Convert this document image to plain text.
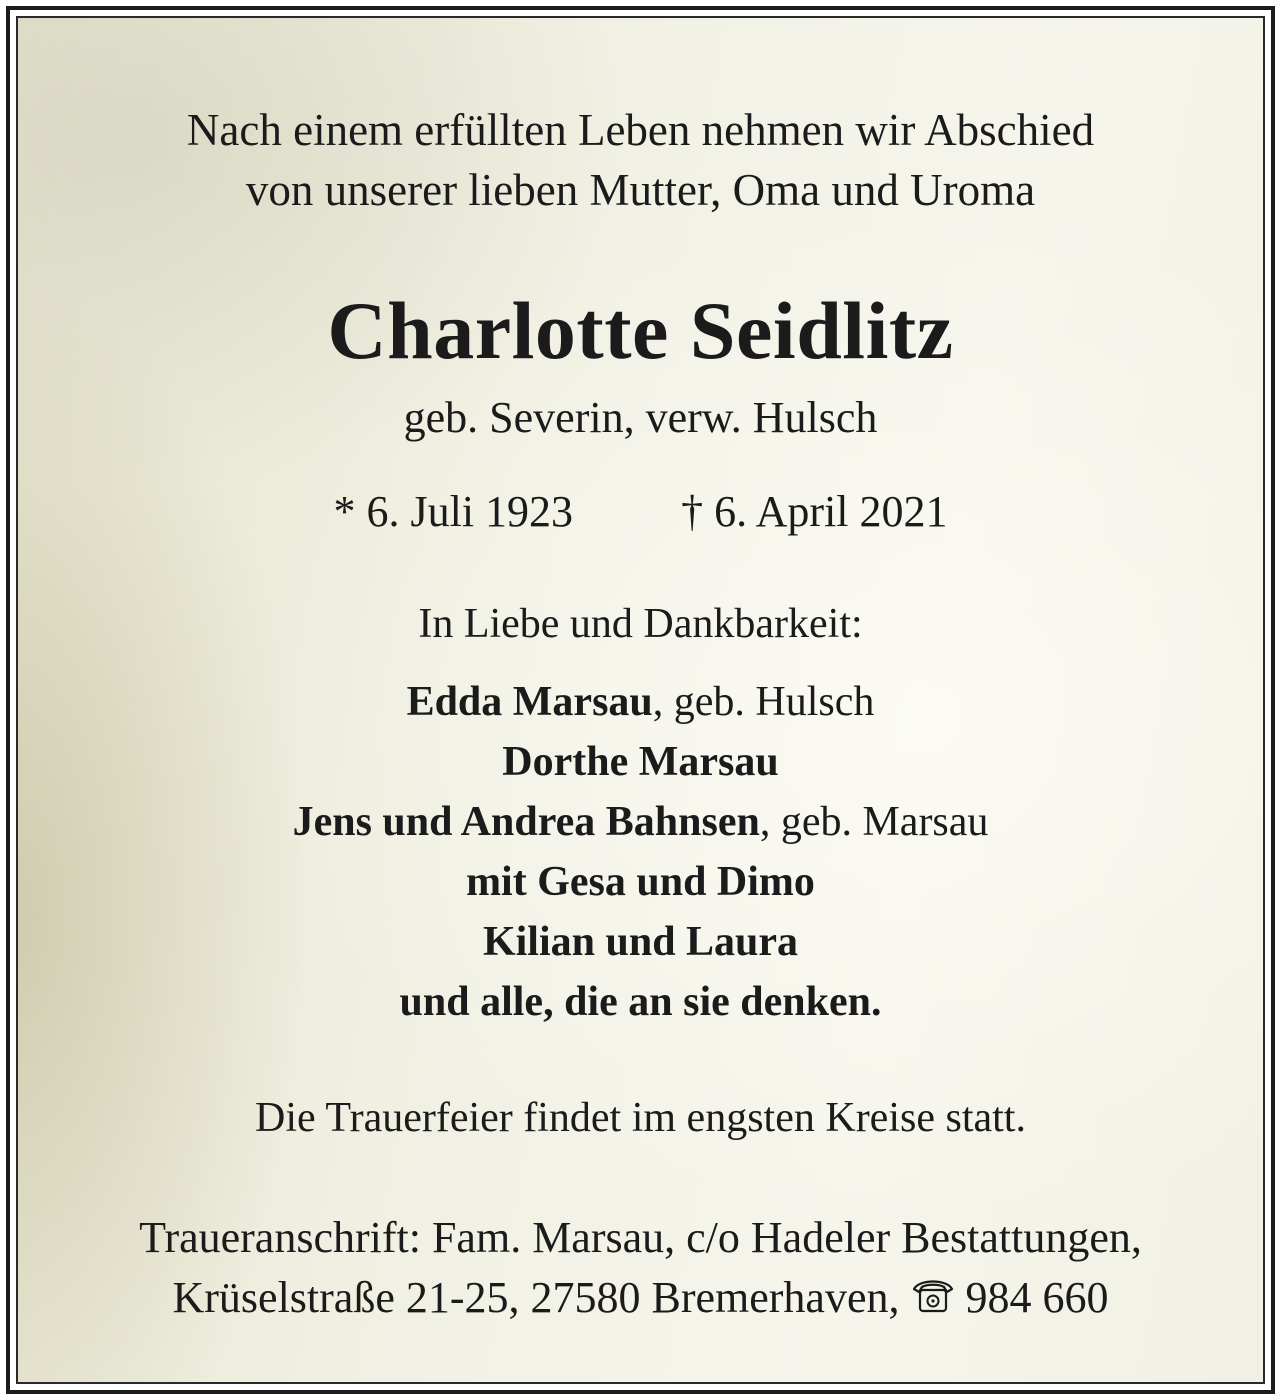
Nach einem erfüllten Leben nehmen wir Abschied
von unserer lieben Mutter, Oma und Uroma
Charlotte Seidlitz
geb. Severin, verw. Hulsch
* 6. Juli 1923 † 6. April 2021
In Liebe und Dankbarkeit:
Edda Marsau, geb. Hulsch
Dorthe Marsau
Jens und Andrea Bahnsen, geb. Marsau
mit Gesa und Dimo
Kilian und Laura
und alle, die an sie denken.
Die Trauerfeier findet im engsten Kreise statt.
Traueranschrift: Fam. Marsau, c/o Hadeler Bestattungen,
Krüselstraße 21-25, 27580 Bremerhaven, 984 660
